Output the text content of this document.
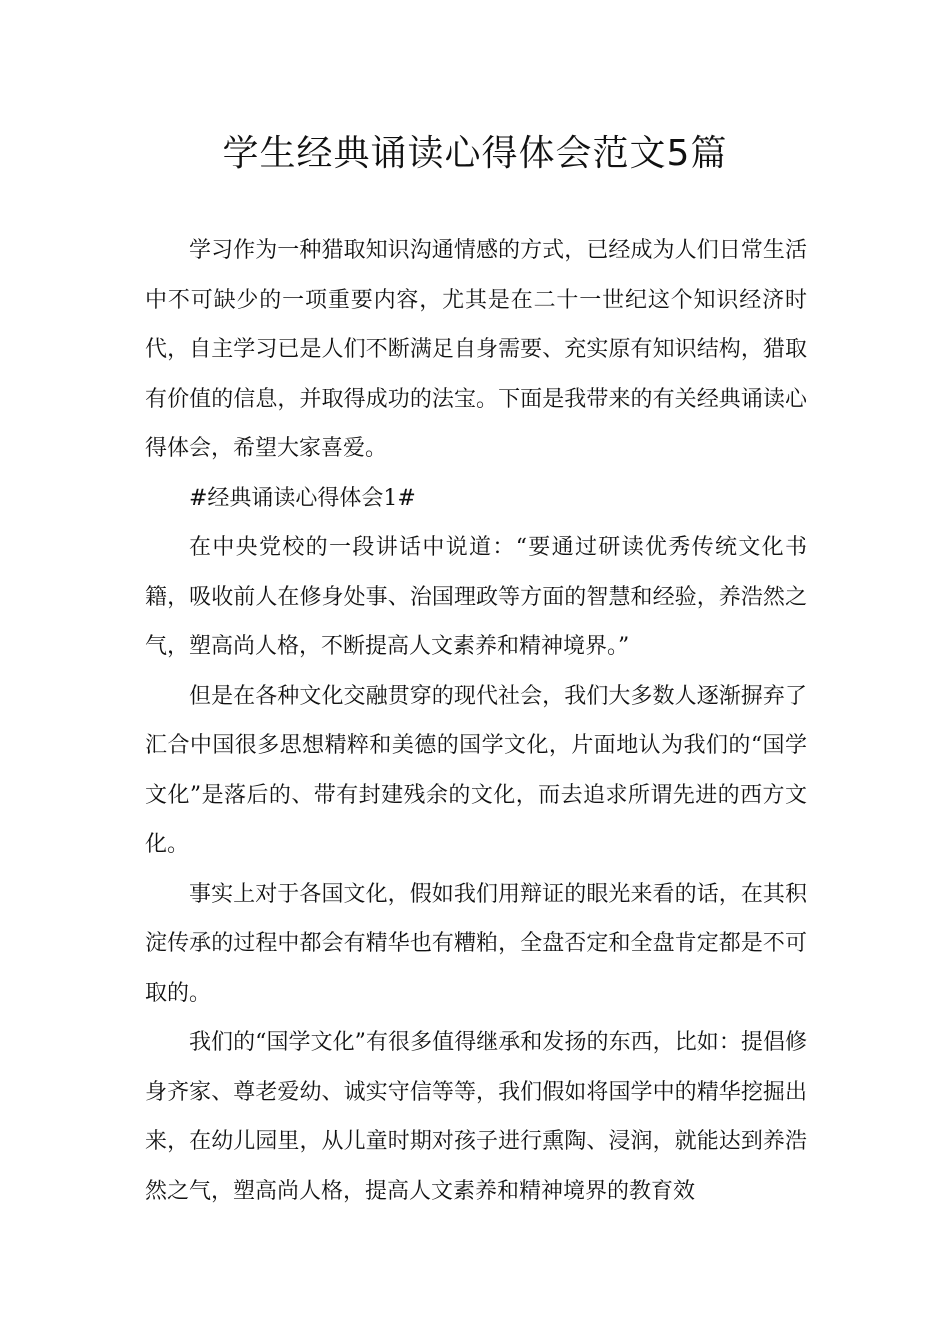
学生经典诵读心得体会范文5篇

学习作为一种猎取知识沟通情感的方式，已经成为人们日常生活中不可缺少的一项重要内容，尤其是在二十一世纪这个知识经济时代，自主学习已是人们不断满足自身需要、充实原有知识结构，猎取有价值的信息，并取得成功的法宝。下面是我带来的有关经典诵读心得体会，希望大家喜爱。

#经典诵读心得体会1#

在中央党校的一段讲话中说道：“要通过研读优秀传统文化书籍，吸收前人在修身处事、治国理政等方面的智慧和经验，养浩然之气，塑高尚人格，不断提高人文素养和精神境界。”

但是在各种文化交融贯穿的现代社会，我们大多数人逐渐摒弃了汇合中国很多思想精粹和美德的国学文化，片面地认为我们的“国学文化”是落后的、带有封建残余的文化，而去追求所谓先进的西方文化。

事实上对于各国文化，假如我们用辩证的眼光来看的话，在其积淀传承的过程中都会有精华也有糟粕，全盘否定和全盘肯定都是不可取的。

我们的“国学文化”有很多值得继承和发扬的东西，比如：提倡修身齐家、尊老爱幼、诚实守信等等，我们假如将国学中的精华挖掘出来，在幼儿园里，从儿童时期对孩子进行熏陶、浸润，就能达到养浩然之气，塑高尚人格，提高人文素养和精神境界的教育效
